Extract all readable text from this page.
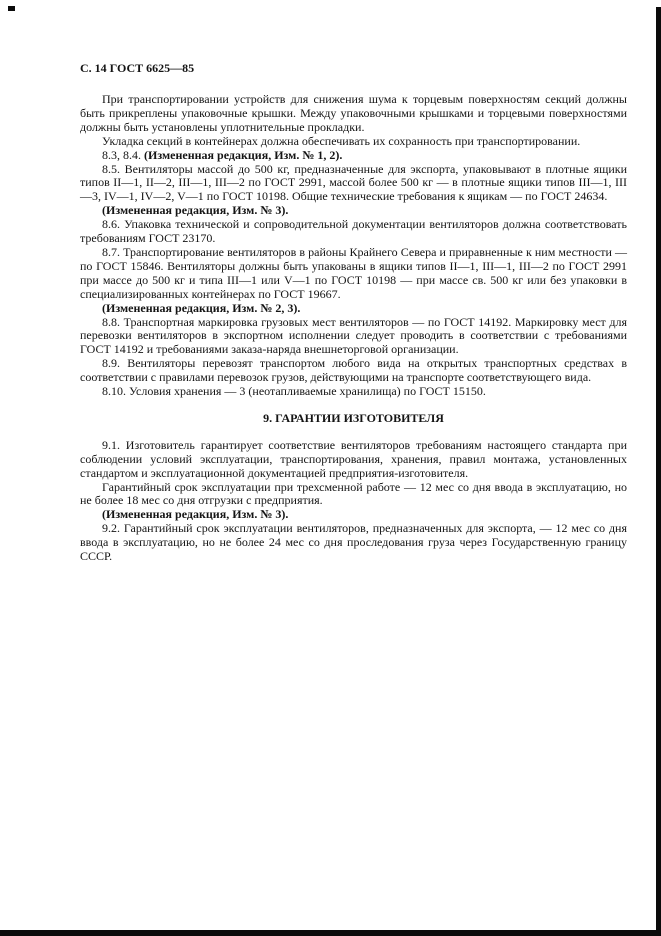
С. 14 ГОСТ 6625—85

При транспортировании устройств для снижения шума к торцевым поверхностям секций должны быть прикреплены упаковочные крышки. Между упаковочными крышками и торцевыми поверхностями должны быть установлены уплотнительные прокладки.

Укладка секций в контейнерах должна обеспечивать их сохранность при транспортировании.

8.3, 8.4. (Измененная редакция, Изм. № 1, 2).

8.5. Вентиляторы массой до 500 кг, предназначенные для экспорта, упаковывают в плотные ящики типов II—1, II—2, III—1, III—2 по ГОСТ 2991, массой более 500 кг — в плотные ящики типов III—1, III—3, IV—1, IV—2, V—1 по ГОСТ 10198. Общие технические требования к ящикам — по ГОСТ 24634.

(Измененная редакция, Изм. № 3).

8.6. Упаковка технической и сопроводительной документации вентиляторов должна соответствовать требованиям ГОСТ 23170.

8.7. Транспортирование вентиляторов в районы Крайнего Севера и приравненные к ним местности — по ГОСТ 15846. Вентиляторы должны быть упакованы в ящики типов II—1, III—1, III—2 по ГОСТ 2991 при массе до 500 кг и типа III—1 или V—1 по ГОСТ 10198 — при массе св. 500 кг или без упаковки в специализированных контейнерах по ГОСТ 19667.

(Измененная редакция, Изм. № 2, 3).

8.8. Транспортная маркировка грузовых мест вентиляторов — по ГОСТ 14192. Маркировку мест для перевозки вентиляторов в экспортном исполнении следует проводить в соответствии с требованиями ГОСТ 14192 и требованиями заказа-наряда внешнеторговой организации.

8.9. Вентиляторы перевозят транспортом любого вида на открытых транспортных средствах в соответствии с правилами перевозок грузов, действующими на транспорте соответствующего вида.

8.10. Условия хранения — 3 (неотапливаемые хранилища) по ГОСТ 15150.

9. ГАРАНТИИ ИЗГОТОВИТЕЛЯ

9.1. Изготовитель гарантирует соответствие вентиляторов требованиям настоящего стандарта при соблюдении условий эксплуатации, транспортирования, хранения, правил монтажа, установленных стандартом и эксплуатационной документацией предприятия-изготовителя.

Гарантийный срок эксплуатации при трехсменной работе — 12 мес со дня ввода в эксплуатацию, но не более 18 мес со дня отгрузки с предприятия.

(Измененная редакция, Изм. № 3).

9.2. Гарантийный срок эксплуатации вентиляторов, предназначенных для экспорта, — 12 мес со дня ввода в эксплуатацию, но не более 24 мес со дня проследования груза через Государственную границу СССР.
